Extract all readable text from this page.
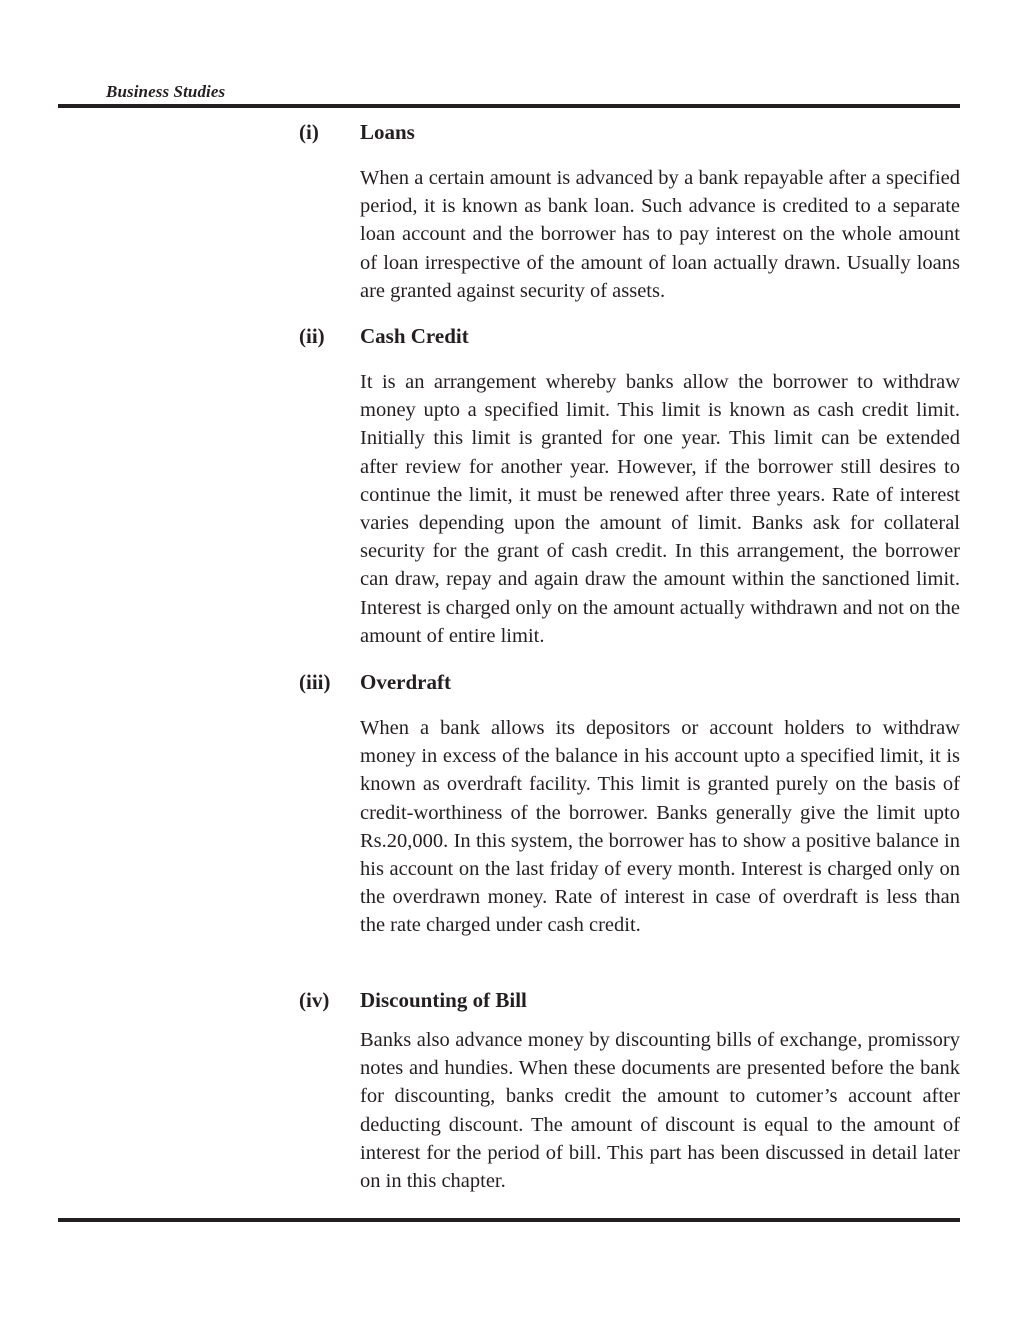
Business Studies
(i) Loans

When a certain amount is advanced by a bank repayable after a specified period, it is known as bank loan. Such advance is credited to a separate loan account and the borrower has to pay interest on the whole amount of loan irrespective of the amount of loan actually drawn. Usually loans are granted against security of assets.

(ii) Cash Credit

It is an arrangement whereby banks allow the borrower to withdraw money upto a specified limit. This limit is known as cash credit limit. Initially this limit is granted for one year. This limit can be extended after review for another year. However, if the borrower still desires to continue the limit, it must be renewed after three years. Rate of interest varies depending upon the amount of limit. Banks ask for collateral security for the grant of cash credit. In this arrangement, the borrower can draw, repay and again draw the amount within the sanctioned limit. Interest is charged only on the amount actually withdrawn and not on the amount of entire limit.

(iii) Overdraft

When a bank allows its depositors or account holders to withdraw money in excess of the balance in his account upto a specified limit, it is known as overdraft facility. This limit is granted purely on the basis of credit-worthiness of the borrower. Banks generally give the limit upto Rs.20,000. In this system, the borrower has to show a positive balance in his account on the last friday of every month. Interest is charged only on the overdrawn money. Rate of interest in case of overdraft is less than the rate charged under cash credit.

(iv) Discounting of Bill

Banks also advance money by discounting bills of exchange, promissory notes and hundies. When these documents are presented before the bank for discounting, banks credit the amount to cutomer’s account after deducting discount. The amount of discount is equal to the amount of interest for the period of bill. This part has been discussed in detail later on in this chapter.
